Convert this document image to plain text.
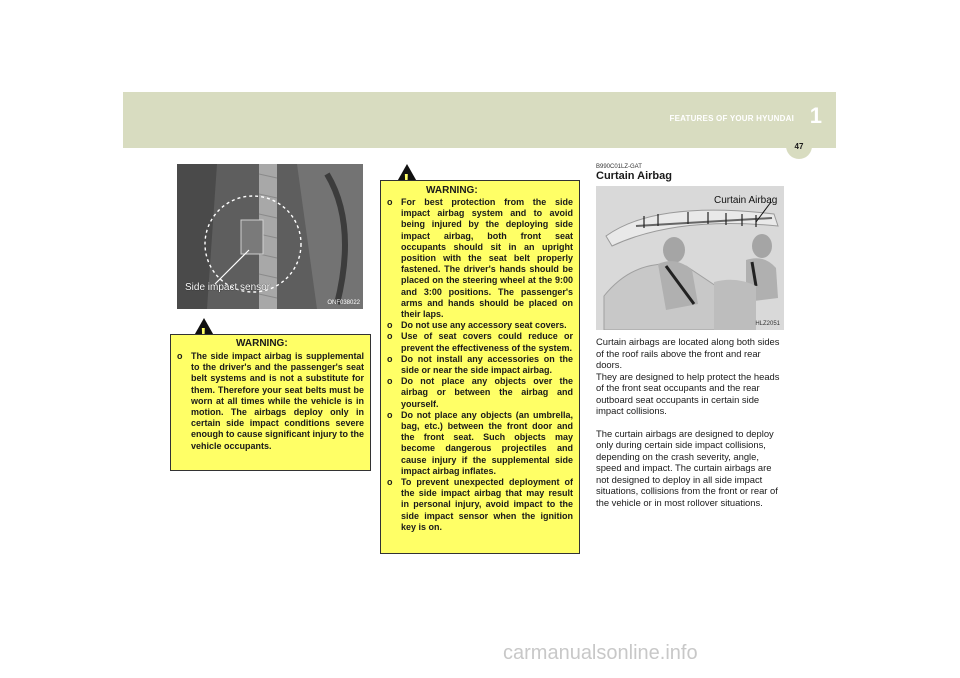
FEATURES OF YOUR HYUNDAI 1
47
Side impact sensor
ONF038022
WARNING:
o The side impact airbag is supplemental to the driver's and the passenger's seat belt systems and is not a substitute for them. Therefore your seat belts must be worn at all times while the vehicle is in motion. The airbags deploy only in certain side impact conditions severe enough to cause significant injury to the vehicle occupants.
WARNING:
o For best protection from the side impact airbag system and to avoid being injured by the deploying side impact airbag, both front seat occupants should sit in an upright position with the seat belt properly fastened. The driver's hands should be placed on the steering wheel at the 9:00 and 3:00 positions. The passenger's arms and hands should be placed on their laps.
o Do not use any accessory seat covers.
o Use of seat covers could reduce or prevent the effectiveness of the system.
o Do not install any accessories on the side or near the side impact airbag.
o Do not place any objects over the airbag or between the airbag and yourself.
o Do not place any objects (an umbrella, bag, etc.) between the front door and the front seat. Such objects may become dangerous projectiles and cause injury if the supplemental side impact airbag inflates.
o To prevent unexpected deployment of the side impact airbag that may result in personal injury, avoid impact to the side impact sensor when the ignition key is on.
B990C01LZ-GAT
Curtain Airbag
Curtain Airbag
HLZ2051

Curtain airbags are located along both sides of the roof rails above the front and rear doors.

They are designed to help protect the heads of the front seat occupants and the rear outboard seat occupants in certain side impact collisions.

The curtain airbags are designed to deploy only during certain side impact collisions, depending on the crash severity, angle, speed and impact. The curtain airbags are not designed to deploy in all side impact situations, collisions from the front or rear of the vehicle or in most rollover situations.

carmanualsonline.info
